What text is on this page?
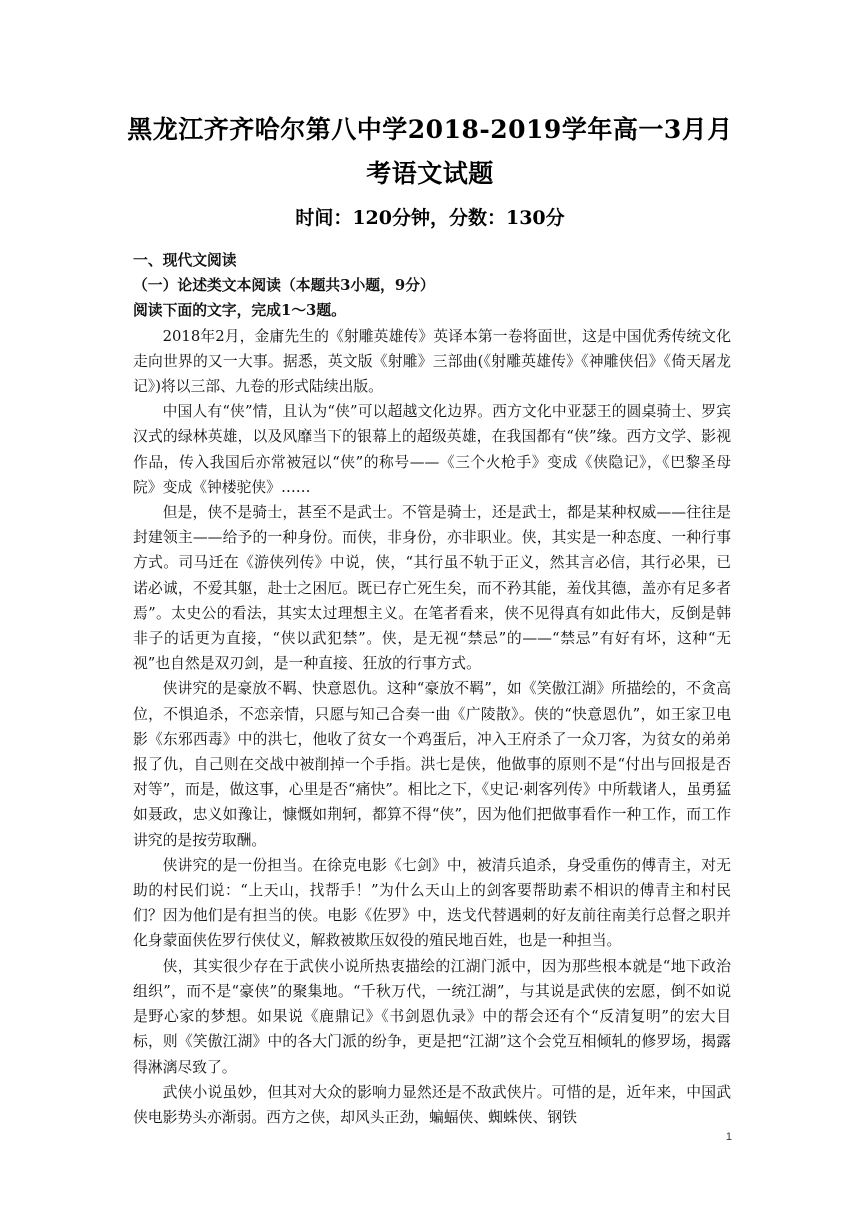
黑龙江齐齐哈尔第八中学2018-2019学年高一3月月
考语文试题
时间：120分钟，分数：130分
一、现代文阅读
（一）论述类文本阅读（本题共3小题，9分）
阅读下面的文字，完成1～3题。

2018年2月，金庸先生的《射雕英雄传》英译本第一卷将面世，这是中国优秀传统文化走向世界的又一大事。据悉，英文版《射雕》三部曲(《射雕英雄传》《神雕侠侣》《倚天屠龙记》)将以三部、九卷的形式陆续出版。

中国人有“侠”情，且认为“侠”可以超越文化边界。西方文化中亚瑟王的圆桌骑士、罗宾汉式的绿林英雄，以及风靡当下的银幕上的超级英雄，在我国都有“侠”缘。西方文学、影视作品，传入我国后亦常被冠以“侠”的称号——《三个火枪手》变成《侠隐记》，《巴黎圣母院》变成《钟楼驼侠》……

但是，侠不是骑士，甚至不是武士。不管是骑士，还是武士，都是某种权威——往往是封建领主——给予的一种身份。而侠，非身份，亦非职业。侠，其实是一种态度、一种行事方式。司马迁在《游侠列传》中说，侠，“其行虽不轨于正义，然其言必信，其行必果，已诺必诚，不爱其躯，赴士之困厄。既已存亡死生矣，而不矜其能，羞伐其德，盖亦有足多者焉”。太史公的看法，其实太过理想主义。在笔者看来，侠不见得真有如此伟大，反倒是韩非子的话更为直接，“侠以武犯禁”。侠，是无视“禁忌”的——“禁忌”有好有坏，这种“无视”也自然是双刃剑，是一种直接、狂放的行事方式。

侠讲究的是豪放不羁、快意恩仇。这种“豪放不羁”，如《笑傲江湖》所描绘的，不贪高位，不惧追杀，不恋亲情，只愿与知己合奏一曲《广陵散》。侠的“快意恩仇”，如王家卫电影《东邪西毒》中的洪七，他收了贫女一个鸡蛋后，冲入王府杀了一众刀客，为贫女的弟弟报了仇，自己则在交战中被削掉一个手指。洪七是侠，他做事的原则不是“付出与回报是否对等”，而是，做这事，心里是否“痛快”。相比之下，《史记·刺客列传》中所载诸人，虽勇猛如聂政，忠义如豫让，慷慨如荆轲，都算不得“侠”，因为他们把做事看作一种工作，而工作讲究的是按劳取酬。

侠讲究的是一份担当。在徐克电影《七剑》中，被清兵追杀，身受重伤的傅青主，对无助的村民们说：“上天山，找帮手！”为什么天山上的剑客要帮助素不相识的傅青主和村民们？因为他们是有担当的侠。电影《佐罗》中，迭戈代替遇刺的好友前往南美行总督之职并化身蒙面侠佐罗行侠仗义，解救被欺压奴役的殖民地百姓，也是一种担当。

侠，其实很少存在于武侠小说所热衷描绘的江湖门派中，因为那些根本就是“地下政治组织”，而不是“豪侠”的聚集地。“千秋万代，一统江湖”，与其说是武侠的宏愿，倒不如说是野心家的梦想。如果说《鹿鼎记》《书剑恩仇录》中的帮会还有个“反清复明”的宏大目标，则《笑傲江湖》中的各大门派的纷争，更是把“江湖”这个会党互相倾轧的修罗场，揭露得淋漓尽致了。

武侠小说虽妙，但其对大众的影响力显然还是不敌武侠片。可惜的是，近年来，中国武侠电影势头亦渐弱。西方之侠，却风头正劲，蝙蝠侠、蜘蛛侠、钢铁

1
